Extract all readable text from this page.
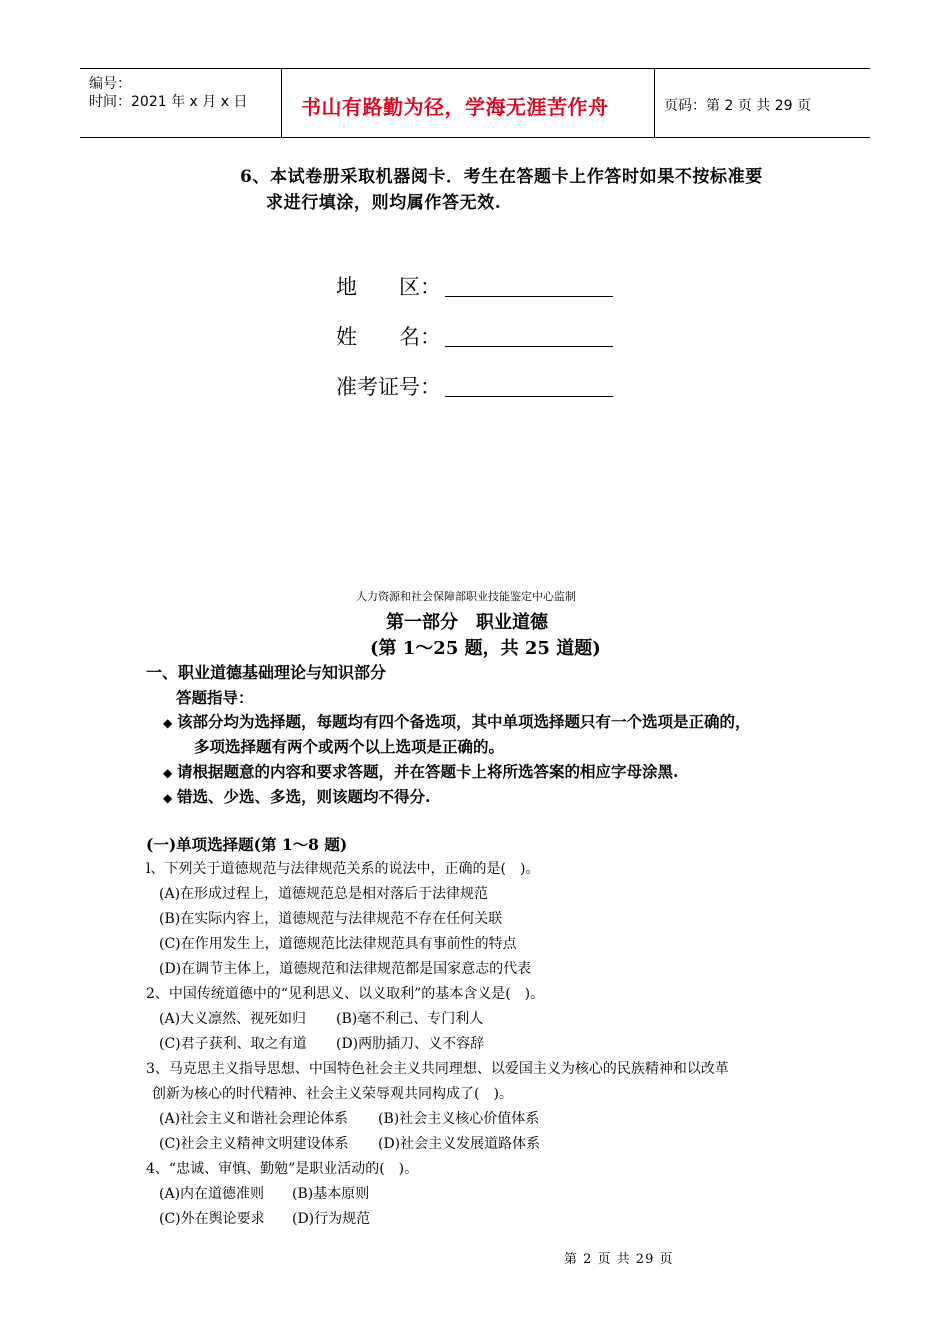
编号：
时间：2021 年 x 月 x 日	书山有路勤为径，学海无涯苦作舟	页码：第 2 页 共 29 页
6、本试卷册采取机器阅卡．考生在答题卡上作答时如果不按标准要
求进行填涂，则均属作答无效.
地　　区：
姓　　名：
准考证号：
人力资源和社会保障部职业技能鉴定中心监制
第一部分　职业道德
(第 1～25 题，共 25 道题)
一、职业道德基础理论与知识部分
答题指导：
◆ 该部分均为选择题，每题均有四个备选项，其中单项选择题只有一个选项是正确的，
多项选择题有两个或两个以上选项是正确的。
◆ 请根据题意的内容和要求答题，并在答题卡上将所选答案的相应字母涂黑.
◆ 错选、少选、多选，则该题均不得分.
(一)单项选择题(第 1～8 题)
l、下列关于道德规范与法律规范关系的说法中，正确的是(　)。
(A)在形成过程上，道德规范总是相对落后于法律规范
(B)在实际内容上，道德规范与法律规范不存在任何关联
(C)在作用发生上，道德规范比法律规范具有事前性的特点
(D)在调节主体上，道德规范和法律规范都是国家意志的代表
2、中国传统道德中的“见利思义、以义取利”的基本含义是(　)。
(A)大义凛然、视死如归 (B)毫不利己、专门利人
(C)君子获利、取之有道 (D)两肋插刀、义不容辞
3、马克思主义指导思想、中国特色社会主义共同理想、以爱国主义为核心的民族精神和以改革
创新为核心的时代精神、社会主义荣辱观共同构成了(　)。
(A)社会主义和谐社会理论体系 (B)社会主义核心价值体系
(C)社会主义精神文明建设体系 (D)社会主义发展道路体系
4、“忠诚、审慎、勤勉”是职业活动的(　)。
(A)内在道德准则 (B)基本原则
(C)外在舆论要求 (D)行为规范
第 2 页 共 29 页
